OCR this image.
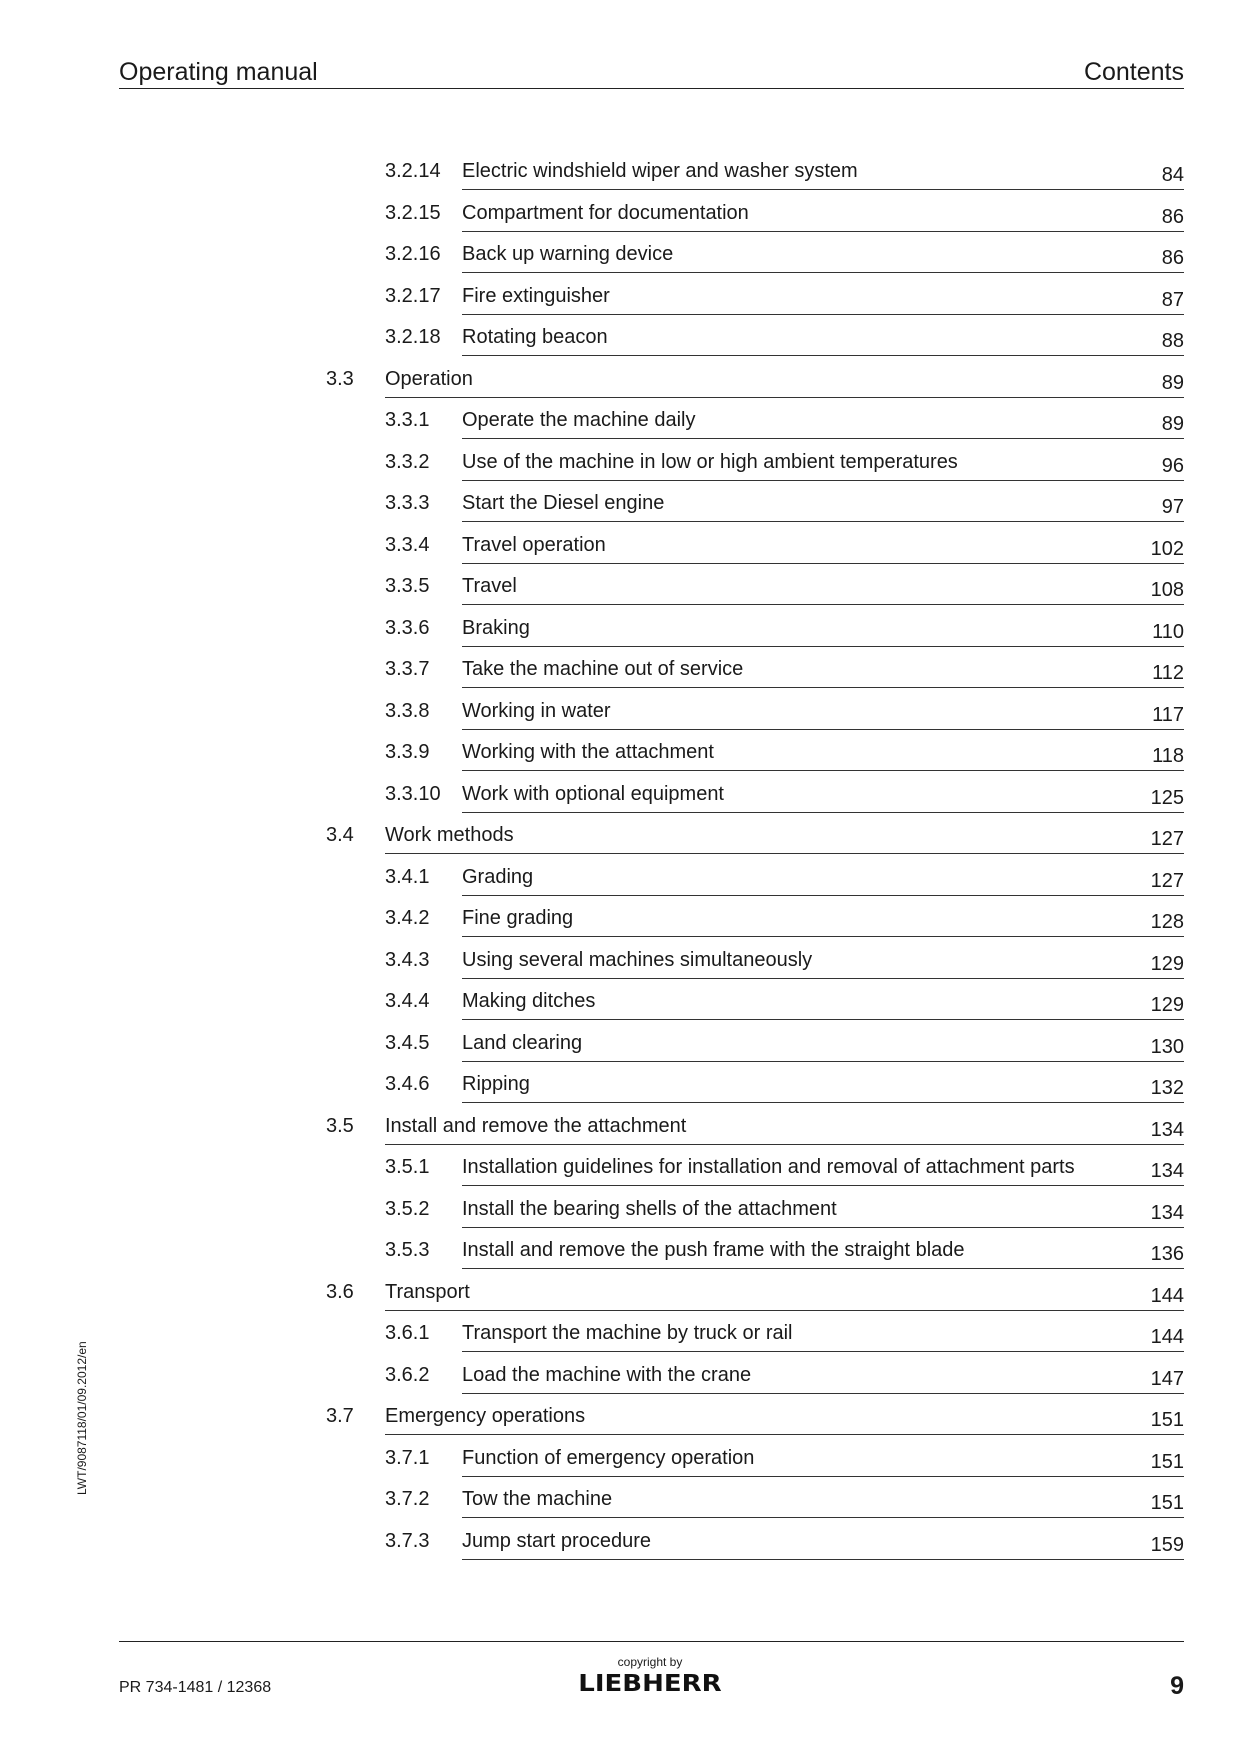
Operating manual	Contents
3.2.14 Electric windshield wiper and washer system	84
3.2.15 Compartment for documentation	86
3.2.16 Back up warning device	86
3.2.17 Fire extinguisher	87
3.2.18 Rotating beacon	88
3.3 Operation	89
3.3.1 Operate the machine daily	89
3.3.2 Use of the machine in low or high ambient temperatures	96
3.3.3 Start the Diesel engine	97
3.3.4 Travel operation	102
3.3.5 Travel	108
3.3.6 Braking	110
3.3.7 Take the machine out of service	112
3.3.8 Working in water	117
3.3.9 Working with the attachment	118
3.3.10 Work with optional equipment	125
3.4 Work methods	127
3.4.1 Grading	127
3.4.2 Fine grading	128
3.4.3 Using several machines simultaneously	129
3.4.4 Making ditches	129
3.4.5 Land clearing	130
3.4.6 Ripping	132
3.5 Install and remove the attachment	134
3.5.1 Installation guidelines for installation and removal of attachment parts	134
3.5.2 Install the bearing shells of the attachment	134
3.5.3 Install and remove the push frame with the straight blade	136
3.6 Transport	144
3.6.1 Transport the machine by truck or rail	144
3.6.2 Load the machine with the crane	147
3.7 Emergency operations	151
3.7.1 Function of emergency operation	151
3.7.2 Tow the machine	151
3.7.3 Jump start procedure	159
LWT/9087118/01/09.2012/en
PR 734-1481 / 12368
copyright by
LIEBHERR	9
